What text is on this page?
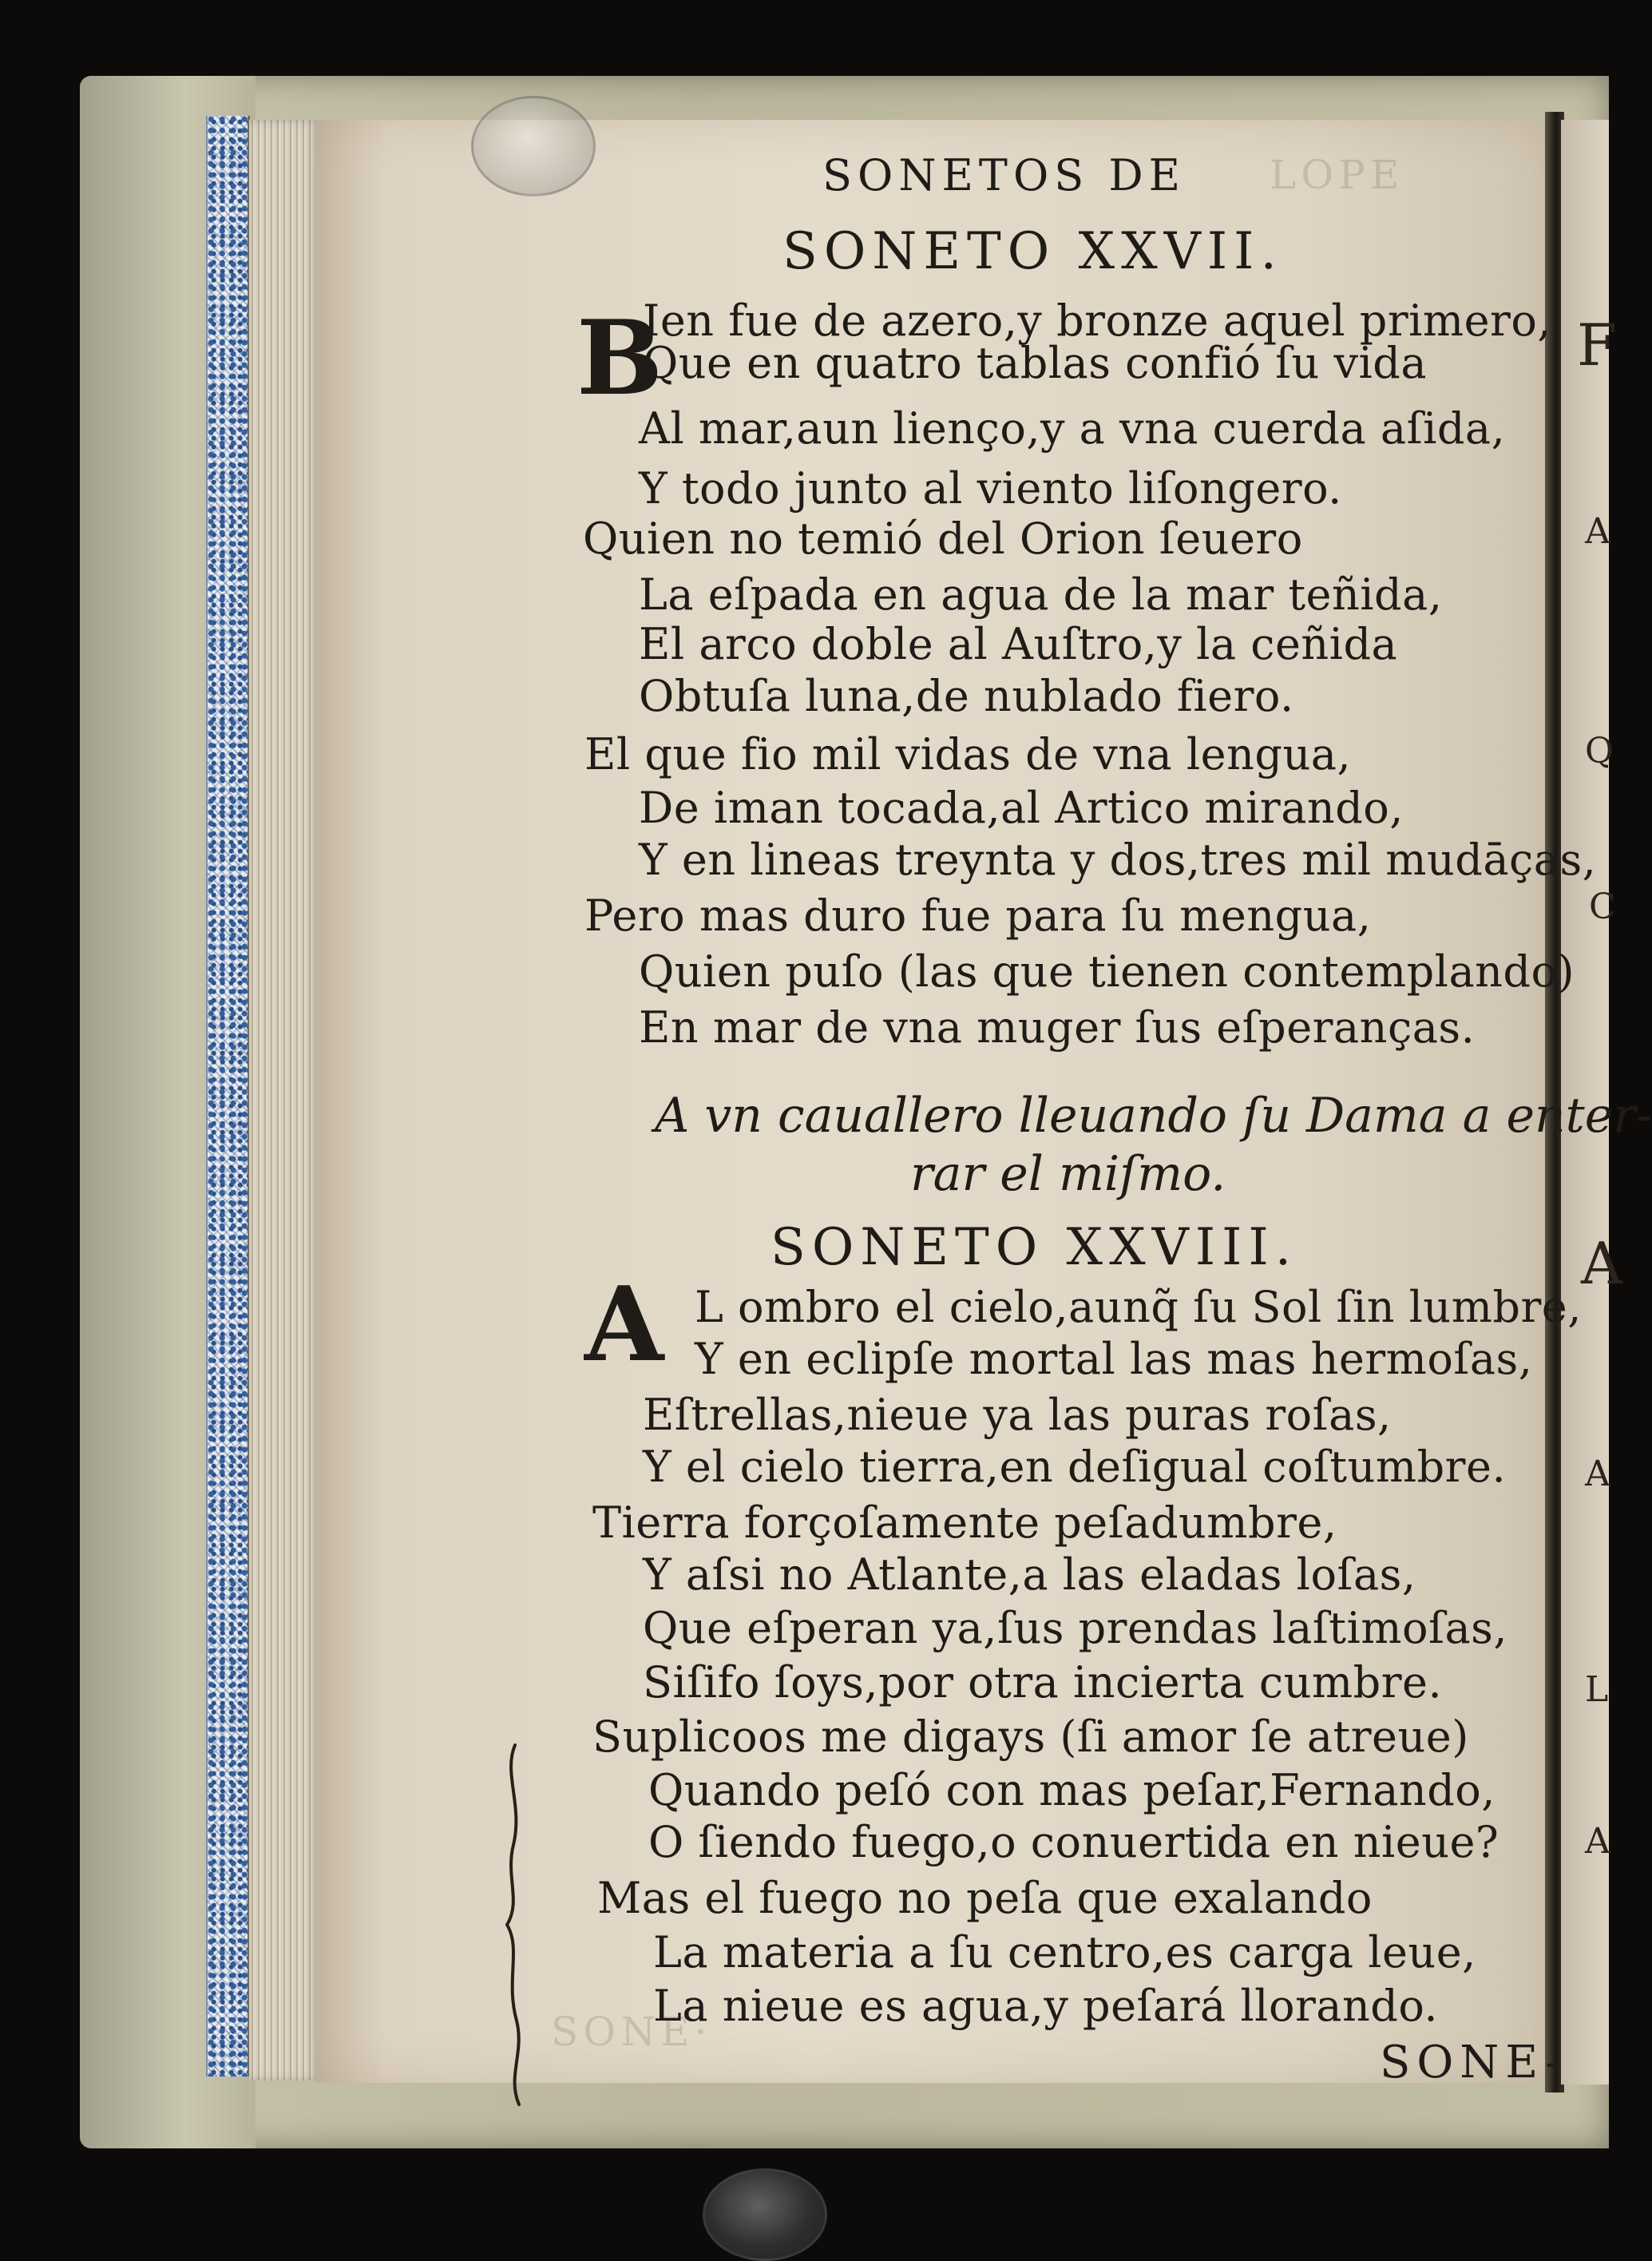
LOPE
SONE·
SONETOS DE
SONETO XXVII.
B
Ien fue de azero,y bronze aquel primero,
Que en quatro tablas confió ſu vida
Al mar,aun lienço,y a vna cuerda aſida,
Y todo junto al viento liſongero.
Quien no temió del Orion ſeuero
La eſpada en agua de la mar teñida,
El arco doble al Auſtro,y la ceñida
Obtuſa luna,de nublado fiero.
El que fio mil vidas de vna lengua,
De iman tocada,al Artico mirando,
Y en lineas treynta y dos,tres mil mudāças,
Pero mas duro fue para ſu mengua,
Quien puſo (las que tienen contemplando)
En mar de vna muger ſus eſperanças.
A vn cauallero lleuando ſu Dama a enter-
rar el miſmo.
SONETO XXVIII.
A L ombro el cielo,aunq̃ ſu Sol ſin lumbre,
Y en eclipſe mortal las mas hermoſas,
Eſtrellas,nieue ya las puras roſas,
Y el cielo tierra,en deſigual coſtumbre.
Tierra forçoſamente peſadumbre,
Y aſsi no Atlante,a las eladas loſas,
Que eſperan ya,ſus prendas laſtimoſas,
Siſifo ſoys,por otra incierta cumbre.
Suplicoos me digays (ſi amor ſe atreue)
Quando peſó con mas peſar,Fernando,
O ſiendo fuego,o conuertida en nieue?
Mas el fuego no peſa que exalando
La materia a ſu centro,es carga leue,
La nieue es agua,y peſará llorando.
SONE-
F
A
Q
C
A
A
L
A
